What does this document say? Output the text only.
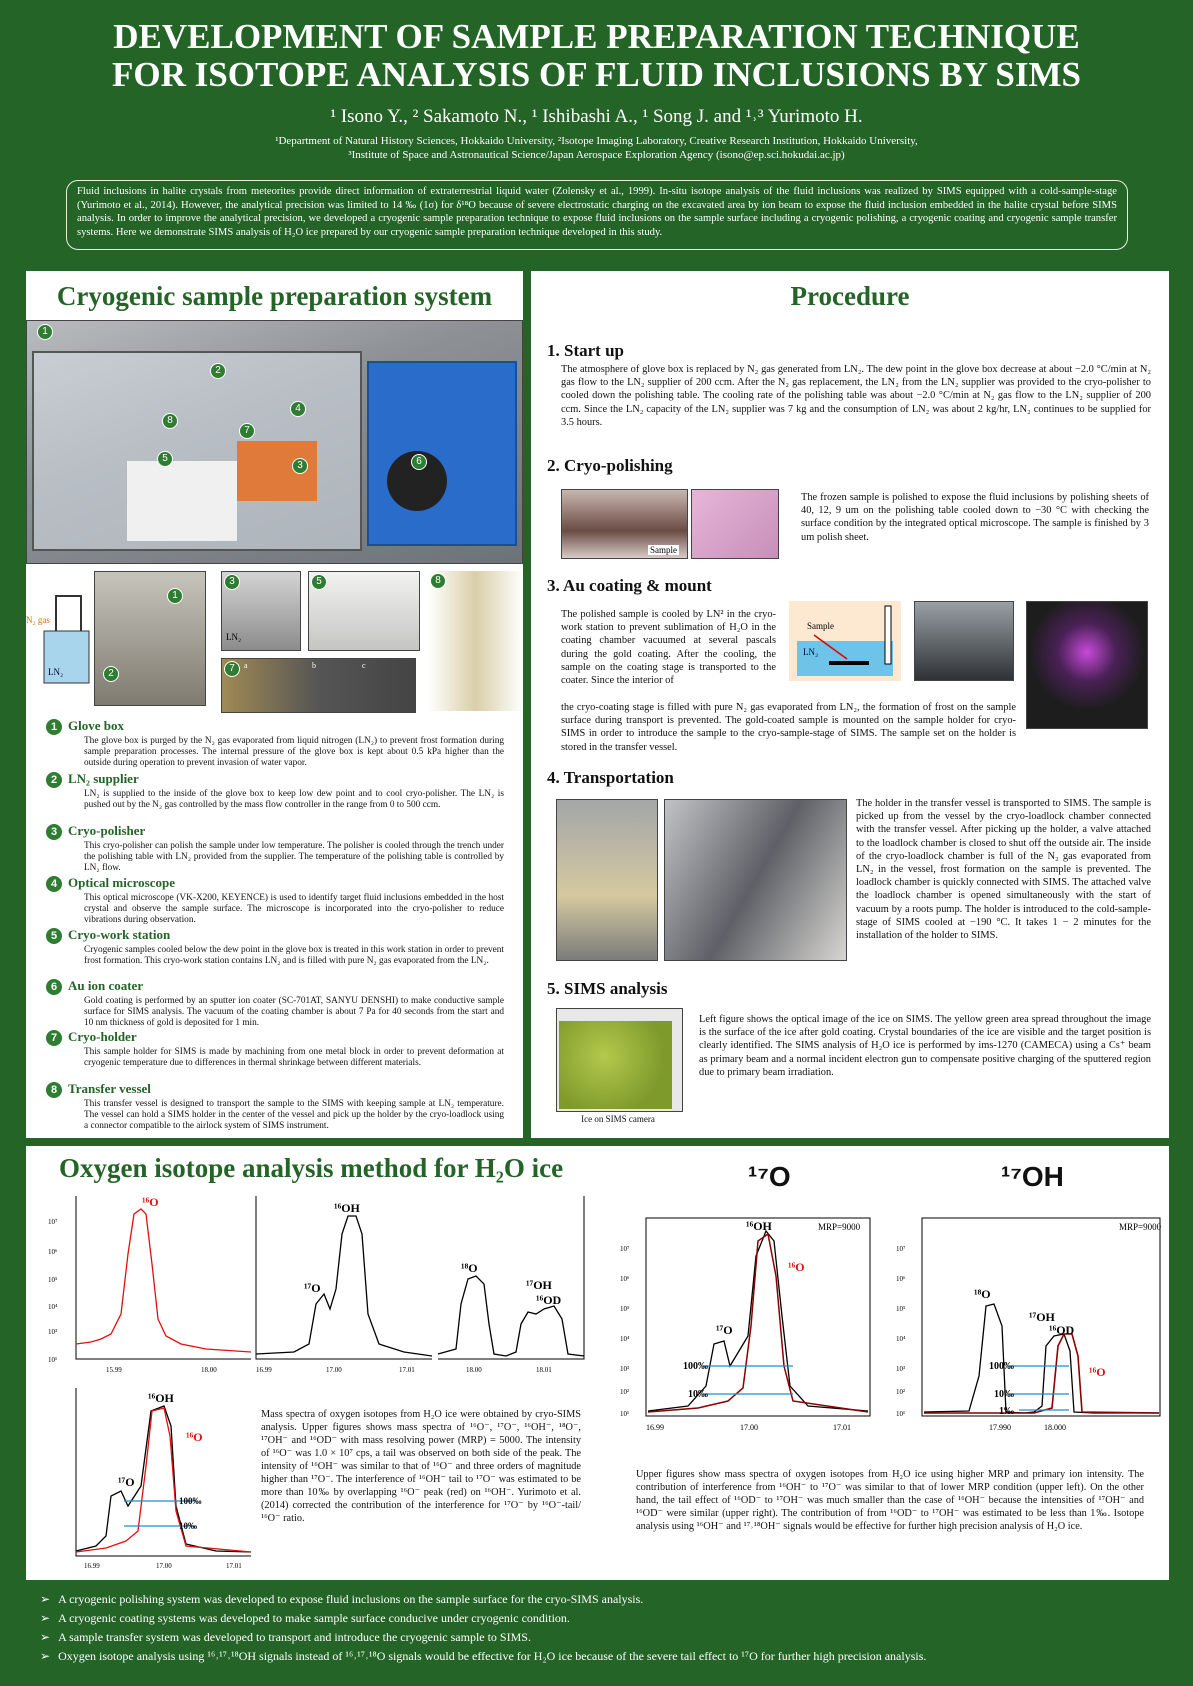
DEVELOPMENT OF SAMPLE PREPARATION TECHNIQUE
FOR ISOTOPE ANALYSIS OF FLUID INCLUSIONS BY SIMS
¹ Isono Y., ² Sakamoto N., ¹ Ishibashi A., ¹ Song J. and ¹˒³ Yurimoto H.
¹Department of Natural History Sciences, Hokkaido University, ²Isotope Imaging Laboratory, Creative Research Institution, Hokkaido University,
³Institute of Space and Astronautical Science/Japan Aerospace Exploration Agency (isono@ep.sci.hokudai.ac.jp)
Fluid inclusions in halite crystals from meteorites provide direct information of extraterrestrial liquid water (Zolensky et al., 1999). In-situ isotope analysis of the fluid inclusions was realized by SIMS equipped with a cold-sample-stage (Yurimoto et al., 2014). However, the analytical precision was limited to 14 ‰ (1σ) for δ¹⁸O because of severe electrostatic charging on the excavated area by ion beam to expose the fluid inclusion embedded in the halite crystal before SIMS analysis. In order to improve the analytical precision, we developed a cryogenic sample preparation technique to expose fluid inclusions on the sample surface including a cryogenic polishing, a cryogenic coating and cryogenic sample transfer systems. Here we demonstrate SIMS analysis of H₂O ice prepared by our cryogenic sample preparation technique developed in this study.
Cryogenic sample preparation system
1
2
3
4
5	6
7
8
N₂ gas
LN₂
1
2
3
LN₂
5	8
7	a	b	c
1 Glove box
The glove box is purged by the N₂ gas evaporated from liquid nitrogen (LN₂) to prevent frost formation during sample preparation processes. The internal pressure of the glove box is kept about 0.5 kPa higher than the outside during operation to prevent invasion of water vapor.
2 LN₂ supplier
LN₂ is supplied to the inside of the glove box to keep low dew point and to cool cryo-polisher. The LN₂ is pushed out by the N₂ gas controlled by the mass flow controller in the range from 0 to 500 ccm.
3 Cryo-polisher
This cryo-polisher can polish the sample under low temperature. The polisher is cooled through the trench under the polishing table with LN₂ provided from the supplier. The temperature of the polishing table is controlled by LN₂ flow.
4 Optical microscope
This optical microscope (VK-X200, KEYENCE) is used to identify target fluid inclusions embedded in the host crystal and observe the sample surface. The microscope is incorporated into the cryo-polisher to reduce vibrations during observation.
5 Cryo-work station
Cryogenic samples cooled below the dew point in the glove box is treated in this work station in order to prevent frost formation. This cryo-work station contains LN₂ and is filled with pure N₂ gas evaporated from the LN₂.
6 Au ion coater
Gold coating is performed by an sputter ion coater (SC-701AT, SANYU DENSHI) to make conductive sample surface for SIMS analysis. The vacuum of the coating chamber is about 7 Pa for 40 seconds from the start and 10 nm thickness of gold is deposited for 1 min.
7 Cryo-holder
This sample holder for SIMS is made by machining from one metal block in order to prevent deformation at cryogenic temperature due to differences in thermal shrinkage between different materials.
8 Transfer vessel
This transfer vessel is designed to transport the sample to the SIMS with keeping sample at LN₂ temperature. The vessel can hold a SIMS holder in the center of the vessel and pick up the holder by the cryo-loadlock using a connector compatible to the airlock system of SIMS instrument.
Procedure
1. Start up
The atmosphere of glove box is replaced by N₂ gas generated from LN₂. The dew point in the glove box decrease at about −2.0 °C/min at N₂ gas flow to the LN₂ supplier of 200 ccm. After the N₂ gas replacement, the LN₂ from the LN₂ supplier was provided to the cryo-polisher to cooled down the polishing table. The cooling rate of the polishing table was about −2.0 °C/min at N₂ gas flow to the LN₂ supplier of 200 ccm. Since the LN₂ capacity of the LN₂ supplier was 7 kg and the consumption of LN₂ was about 2 kg/hr, LN₂ continues to be supplied for 3.5 hours.
2. Cryo-polishing
Sample
The frozen sample is polished to expose the fluid inclusions by polishing sheets of 40, 12, 9 um on the polishing table cooled down to −30 °C with checking the surface condition by the integrated optical microscope. The sample is finished by 3 um polish sheet.
3. Au coating & mount
The polished sample is cooled by LN² in the cryo-work station to prevent sublimation of H₂O in the coating chamber vacuumed at several pascals during the gold coating. After the cooling, the sample on the coating stage is transported to the coater. Since the interior of
Sample
LN₂
the cryo-coating stage is filled with pure N₂ gas evaporated from LN₂, the formation of frost on the sample surface during transport is prevented. The gold-coated sample is mounted on the sample holder for cryo-SIMS in order to introduce the sample to the cryo-sample-stage of SIMS. The sample set on the holder is stored in the transfer vessel.
4. Transportation
The holder in the transfer vessel is transported to SIMS. The sample is picked up from the vessel by the cryo-loadlock chamber connected with the transfer vessel. After picking up the holder, a valve attached to the loadlock chamber is closed to shut off the outside air. The inside of the cryo-loadlock chamber is full of the N₂ gas evaporated from LN₂ in the vessel, frost formation on the sample is prevented. The loadlock chamber is quickly connected with SIMS. The attached valve the loadlock chamber is opened simultaneously with the start of vacuum by a roots pump. The holder is introduced to the cold-sample-stage of SIMS cooled at −190 °C. It takes 1 − 2 minutes for the installation of the holder to SIMS.
5. SIMS analysis
Ice on SIMS camera
Left figure shows the optical image of the ice on SIMS. The yellow green area spread throughout the image is the surface of the ice after gold coating. Crystal boundaries of the ice are visible and the target position is clearly identified. The SIMS analysis of H₂O ice is performed by ims-1270 (CAMECA) using a Cs⁺ beam as primary beam and a normal incident electron gun to compensate positive charging of the sputtered region due to primary beam irradiation.
Oxygen isotope analysis method for H₂O ice
¹⁶O
15.99	18.00
10⁷
10⁶
10⁵
10⁴
10³
10¹
¹⁶OH
¹⁷O
16.99	17.00	17.01
¹⁸O
¹⁷OH
¹⁶OD
18.00	18.01
¹⁶OH
¹⁶O
¹⁷O
100‰
10‰
16.99	17.00	17.01
Mass spectra of oxygen isotopes from H₂O ice were obtained by cryo-SIMS analysis. Upper figures shows mass spectra of ¹⁶O⁻, ¹⁷O⁻, ¹⁶OH⁻, ¹⁸O⁻, ¹⁷OH⁻ and ¹⁶OD⁻ with mass resolving power (MRP) = 5000. The intensity of ¹⁶O⁻ was 1.0 × 10⁷ cps, a tail was observed on both side of the peak. The intensity of ¹⁶OH⁻ was similar to that of ¹⁶O⁻ and three orders of magnitude higher than ¹⁷O⁻. The interference of ¹⁶OH⁻ tail to ¹⁷O⁻ was estimated to be more than 10‰ by overlapping ¹⁶O⁻ peak (red) on ¹⁶OH⁻. Yurimoto et al. (2014) corrected the contribution of the interference for ¹⁷O⁻ by ¹⁶O⁻-tail/¹⁶O⁻ ratio.
¹⁷O	¹⁷OH
MRP=9000
¹⁶OH
¹⁶O
¹⁷O
100‰
10‰
16.99	17.00	17.01
10⁷
10⁶
10⁵
10⁴
10³
10²
10¹
MRP=9000
¹⁸O
¹⁷OH
¹⁶OD
¹⁶O
100‰
10‰
1‰
17.990	18.000
10⁷
10⁶
10⁵
10⁴
10³
10²
10¹
Upper figures show mass spectra of oxygen isotopes from H₂O ice using higher MRP and primary ion intensity. The contribution of interference from ¹⁶OH⁻ to ¹⁷O⁻ was similar to that of lower MRP condition (upper left). On the other hand, the tail effect of ¹⁶OD⁻ to ¹⁷OH⁻ was much smaller than the case of ¹⁶OH⁻ because the intensities of ¹⁷OH⁻ and ¹⁶OD⁻ were similar (upper right). The contribution of from ¹⁶OD⁻ to ¹⁷OH⁻ was estimated to be less than 1‰. Isotope analysis using ¹⁶OH⁻ and ¹⁷˒¹⁸OH⁻ signals would be effective for further high precision analysis of H₂O ice.
➢ A cryogenic polishing system was developed to expose fluid inclusions on the sample surface for the cryo-SIMS analysis.
➢ A cryogenic coating systems was developed to make sample surface conducive under cryogenic condition.
➢ A sample transfer system was developed to transport and introduce the cryogenic sample to SIMS.
➢ Oxygen isotope analysis using ¹⁶˒¹⁷˒¹⁸OH signals instead of ¹⁶˒¹⁷˒¹⁸O signals would be effective for H₂O ice because of the severe tail effect to ¹⁷O for further high precision analysis.
